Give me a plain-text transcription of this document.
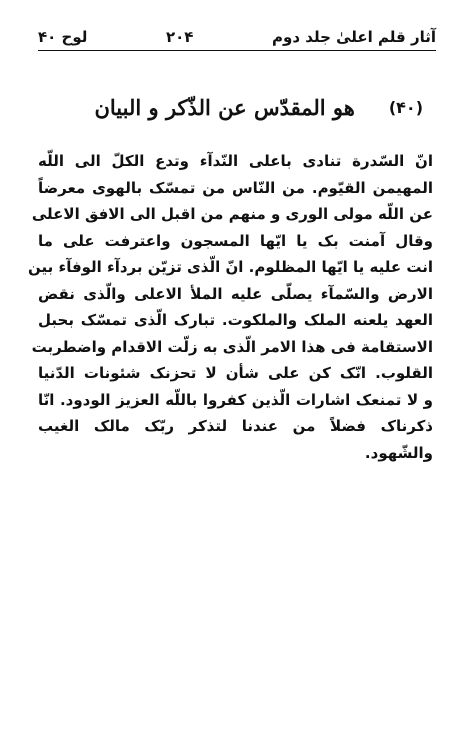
آثار قلم اعلیٰ جلد دوم
۲۰۴
لوح ۴۰
(۴۰)
هو المقدّس عن الذّکر و البیان
انّ السّدرة تنادی باعلی النّدآء وتدع الکلّ الی اللّه
المهیمن القیّوم. من النّاس من تمسّک بالهوی معرضاً
عن اللّه مولی الوری و منهم من اقبل الی الافق الاعلی
وقال آمنت بک یا ایّها المسجون واعترفت علی ما
انت علیه یا ایّها المظلوم. انّ الّذی تزیّن بردآء الوفآء بین
الارض والسّمآء یصلّی علیه الملأ الاعلی والّذی نقض
العهد یلعنه الملک والملکوت. تبارک الّذی تمسّک بحبل
الاستقامة فی هذا الامر الّذی به زلّت الاقدام واضطربت
القلوب. انّک کن علی شأن لا تحزنک شئونات الدّنیا
و لا تمنعک اشارات الّذین کفروا باللّه العزیز الودود. انّا
ذکرناک فضلاً من عندنا لتذکر ربّک مالک الغیب
والشّهود.
